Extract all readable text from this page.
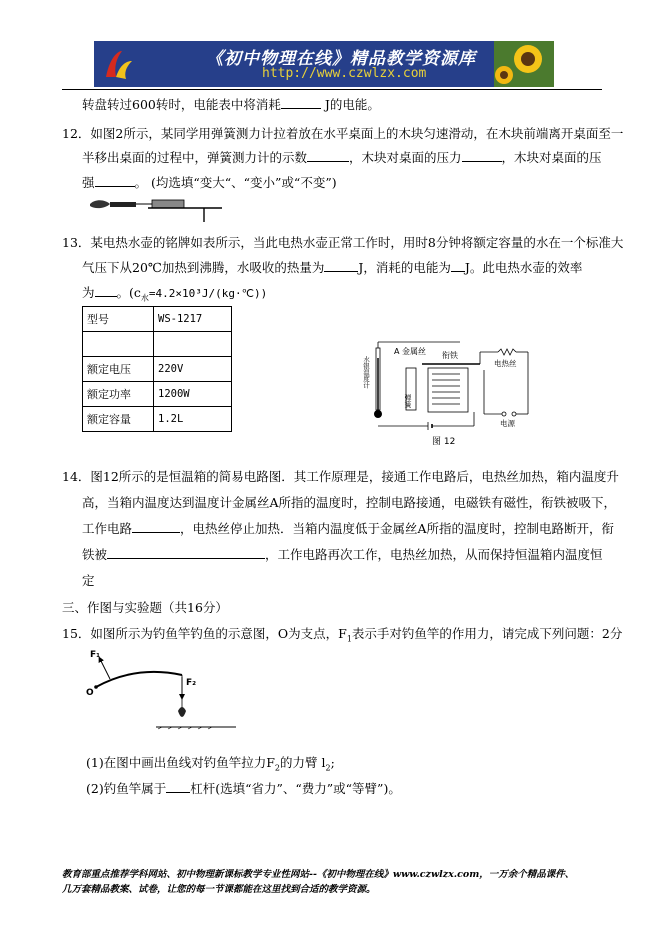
《初中物理在线》精品教学资源库
http://www.czwlzx.com
转盘转过600转时，电能表中将消耗	J的电能。
12．如图2所示，某同学用弹簧测力计拉着放在水平桌面上的木块匀速滑动，在木块前端离开桌面至一
半移出桌面的过程中，弹簧测力计的示数	，木块对桌面的压力	，木块对桌面的压
强	。 (均选填“变大“、“变小”或“不变”)
13．某电热水壶的铭牌如表所示，当此电热水壶正常工作时，用时8分钟将额定容量的水在一个标准大
气压下从20℃加热到沸腾，水吸收的热量为	J，消耗的电能为 J。此电热水壶的效率
为 。$(c_水=4.2\times 10^3J/(kg\cdot℃))$
型号	WS-1217

额定电压	220V
额定功率	1200W
额定容量	1.2L
水银温度计
A 金属丝 衔铁
弹簧
电热丝
电源
图 12
14．图12所示的是恒温箱的简易电路图．其工作原理是，接通工作电路后，电热丝加热，箱内温度升
高，当箱内温度达到温度计金属丝A所指的温度时，控制电路接通，电磁铁有磁性，衔铁被吸下，
工作电路	，电热丝停止加热．当箱内温度低于金属丝A所指的温度时，控制电路断开，衔
铁被	，工作电路再次工作，电热丝加热，从而保持恒温箱内温度恒
定
三、作图与实验题（共16分）
15．如图所示为钓鱼竿钓鱼的示意图，O为支点，$F_1$表示手对钓鱼竿的作用力，请完成下列问题：2分
O
F₁
F₂
(1)在图中画出鱼线对钓鱼竿拉力$F_2$的力臂 $l_2$;
(2)钓鱼竿属于 杠杆(选填“省力”、“费力”或“等臂”)。
教育部重点推荐学科网站、初中物理新课标教学专业性网站--《初中物理在线》www.czwlzx.com，一万余个精品课件、
几万套精品教案、试卷，让您的每一节课都能在这里找到合适的教学资源。
